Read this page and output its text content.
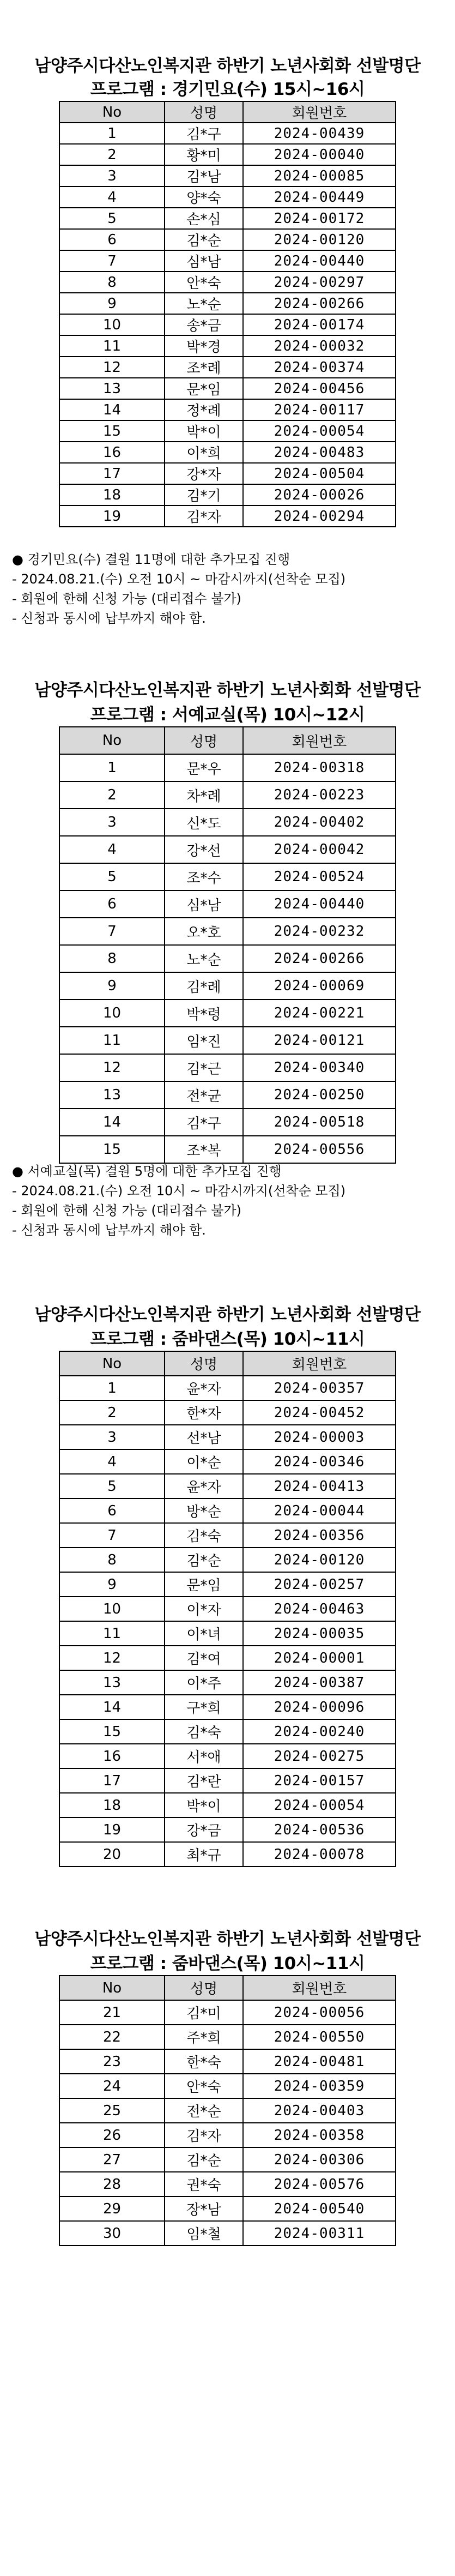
남양주시다산노인복지관 하반기 노년사회화 선발명단
프로그램 : 경기민요(수) 15시~16시
No	성명	회원번호
1	김*구	2024-00439
2	황*미	2024-00040
3	김*남	2024-00085
4	양*숙	2024-00449
5	손*심	2024-00172
6	김*순	2024-00120
7	심*남	2024-00440
8	안*숙	2024-00297
9	노*순	2024-00266
10	송*금	2024-00174
11	박*경	2024-00032
12	조*례	2024-00374
13	문*임	2024-00456
14	정*례	2024-00117
15	박*이	2024-00054
16	이*희	2024-00483
17	강*자	2024-00504
18	김*기	2024-00026
19	김*자	2024-00294
● 경기민요(수) 결원 11명에 대한 추가모집 진행
- 2024.08.21.(수) 오전 10시 ~ 마감시까지(선착순 모집)
- 회원에 한해 신청 가능 (대리접수 불가)
- 신청과 동시에 납부까지 해야 함.
남양주시다산노인복지관 하반기 노년사회화 선발명단
프로그램 : 서예교실(목) 10시~12시
No	성명	회원번호
1	문*우	2024-00318
2	차*례	2024-00223
3	신*도	2024-00402
4	강*선	2024-00042
5	조*수	2024-00524
6	심*남	2024-00440
7	오*호	2024-00232
8	노*순	2024-00266
9	김*례	2024-00069
10	박*령	2024-00221
11	임*진	2024-00121
12	김*근	2024-00340
13	전*균	2024-00250
14	김*구	2024-00518
15	조*복	2024-00556
● 서예교실(목) 결원 5명에 대한 추가모집 진행
- 2024.08.21.(수) 오전 10시 ~ 마감시까지(선착순 모집)
- 회원에 한해 신청 가능 (대리접수 불가)
- 신청과 동시에 납부까지 해야 함.
남양주시다산노인복지관 하반기 노년사회화 선발명단
프로그램 : 줌바댄스(목) 10시~11시
No	성명	회원번호
1	윤*자	2024-00357
2	한*자	2024-00452
3	선*남	2024-00003
4	이*순	2024-00346
5	윤*자	2024-00413
6	방*순	2024-00044
7	김*숙	2024-00356
8	김*순	2024-00120
9	문*임	2024-00257
10	이*자	2024-00463
11	이*녀	2024-00035
12	김*여	2024-00001
13	이*주	2024-00387
14	구*희	2024-00096
15	김*숙	2024-00240
16	서*애	2024-00275
17	김*란	2024-00157
18	박*이	2024-00054
19	강*금	2024-00536
20	최*규	2024-00078
남양주시다산노인복지관 하반기 노년사회화 선발명단
프로그램 : 줌바댄스(목) 10시~11시
No	성명	회원번호
21	김*미	2024-00056
22	주*희	2024-00550
23	한*숙	2024-00481
24	안*숙	2024-00359
25	전*순	2024-00403
26	김*자	2024-00358
27	김*순	2024-00306
28	권*숙	2024-00576
29	장*남	2024-00540
30	임*철	2024-00311
